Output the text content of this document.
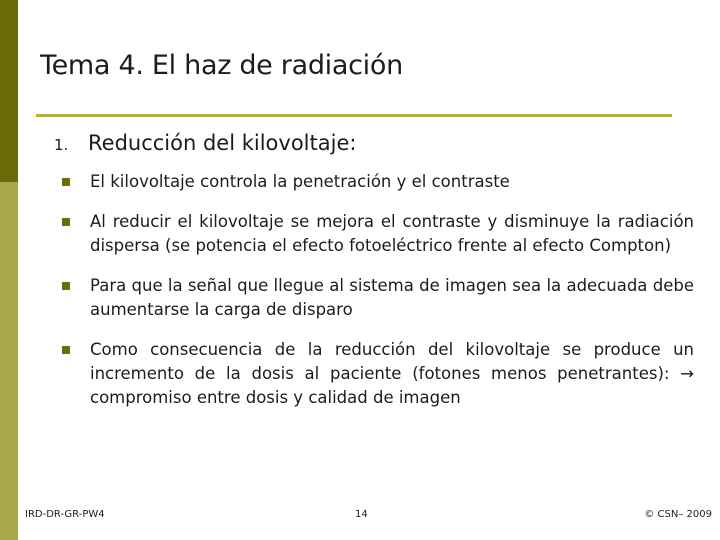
Tema 4. El haz de radiación
1. Reducción del kilovoltaje:
El kilovoltaje controla la penetración y el contraste
Al reducir el kilovoltaje se mejora el contraste y disminuye la radiación dispersa (se potencia el efecto fotoeléctrico frente al efecto Compton)
Para que la señal que llegue al sistema de imagen sea la adecuada debe aumentarse la carga de disparo
Como consecuencia de la reducción del kilovoltaje se produce un incremento de la dosis al paciente (fotones menos penetrantes): → compromiso entre dosis y calidad de imagen
IRD-DR-GR-PW4	14	© CSN– 2009
